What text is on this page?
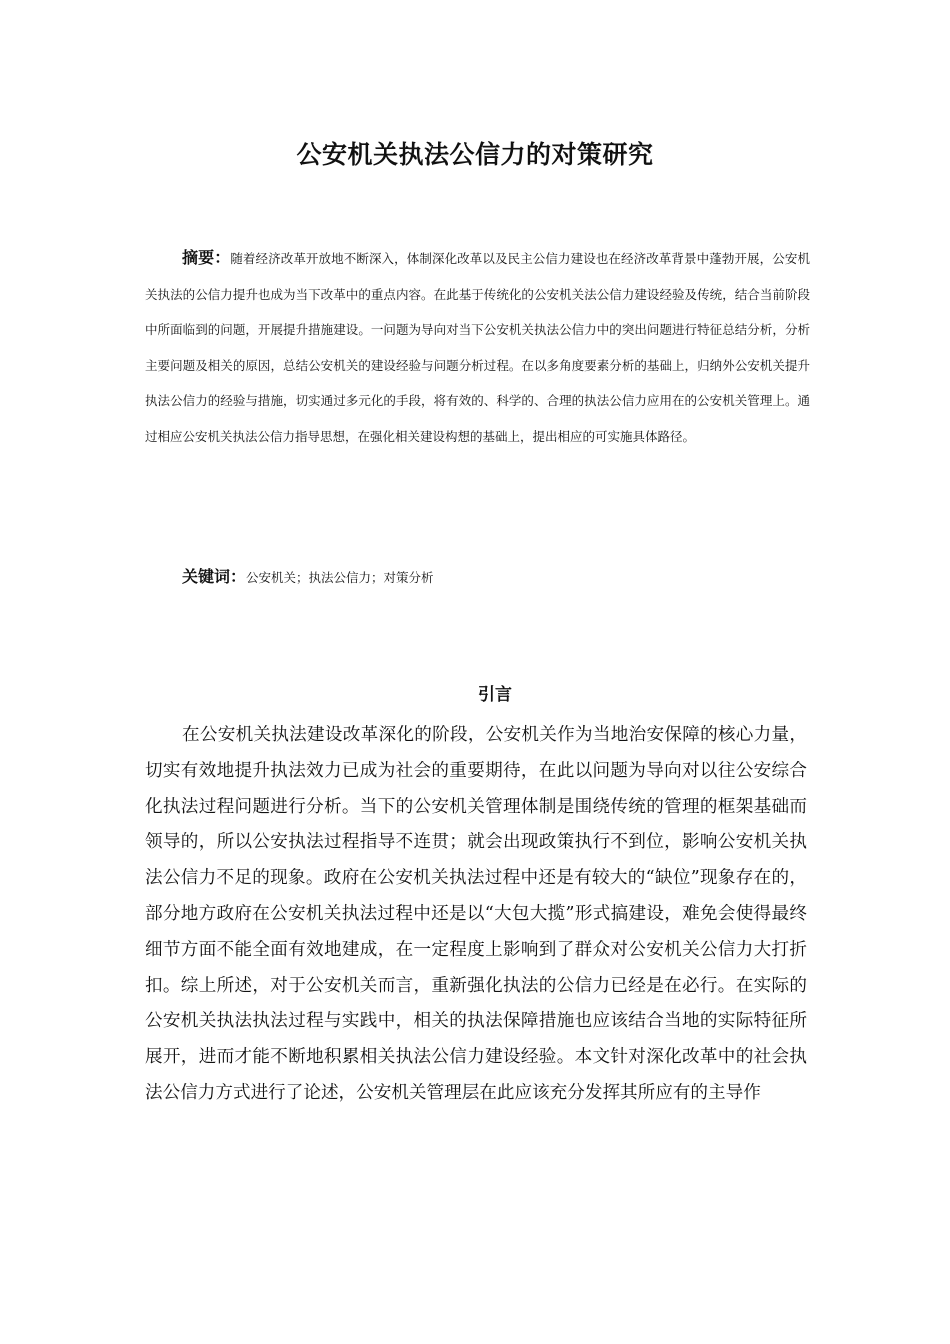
公安机关执法公信力的对策研究

摘要：随着经济改革开放地不断深入，体制深化改革以及民主公信力建设也在经济改革背景中蓬勃开展，公安机关执法的公信力提升也成为当下改革中的重点内容。在此基于传统化的公安机关法公信力建设经验及传统，结合当前阶段中所面临到的问题，开展提升措施建设。一问题为导向对当下公安机关执法公信力中的突出问题进行特征总结分析，分析主要问题及相关的原因，总结公安机关的建设经验与问题分析过程。在以多角度要素分析的基础上，归纳外公安机关提升执法公信力的经验与措施，切实通过多元化的手段，将有效的、科学的、合理的执法公信力应用在的公安机关管理上。通过相应公安机关执法公信力指导思想，在强化相关建设构想的基础上，提出相应的可实施具体路径。

关键词：公安机关；执法公信力；对策分析

引言

在公安机关执法建设改革深化的阶段，公安机关作为当地治安保障的核心力量，切实有效地提升执法效力已成为社会的重要期待，在此以问题为导向对以往公安综合化执法过程问题进行分析。当下的公安机关管理体制是围绕传统的管理的框架基础而领导的，所以公安执法过程指导不连贯；就会出现政策执行不到位，影响公安机关执法公信力不足的现象。政府在公安机关执法过程中还是有较大的“缺位”现象存在的，部分地方政府在公安机关执法过程中还是以“大包大揽”形式搞建设，难免会使得最终细节方面不能全面有效地建成，在一定程度上影响到了群众对公安机关公信力大打折扣。综上所述，对于公安机关而言，重新强化执法的公信力已经是在必行。在实际的公安机关执法执法过程与实践中，相关的执法保障措施也应该结合当地的实际特征所展开，进而才能不断地积累相关执法公信力建设经验。本文针对深化改革中的社会执法公信力方式进行了论述，公安机关管理层在此应该充分发挥其所应有的主导作
